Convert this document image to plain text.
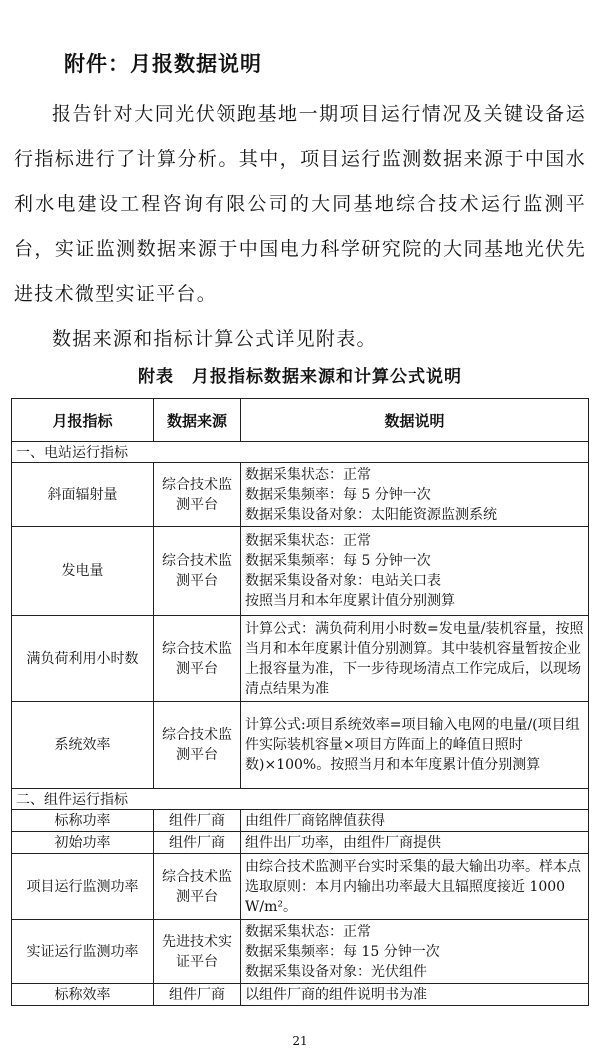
附件：月报数据说明

报告针对大同光伏领跑基地一期项目运行情况及关键设备运行指标进行了计算分析。其中，项目运行监测数据来源于中国水利水电建设工程咨询有限公司的大同基地综合技术运行监测平台，实证监测数据来源于中国电力科学研究院的大同基地光伏先进技术微型实证平台。

数据来源和指标计算公式详见附表。

附表　月报指标数据来源和计算公式说明

月报指标	数据来源	数据说明
一、电站运行指标		
斜面辐射量	综合技术监测平台	数据采集状态：正常
数据采集频率：每 5 分钟一次
数据采集设备对象：太阳能资源监测系统

发电量	综合技术监测平台	数据采集状态：正常
数据采集频率：每 5 分钟一次
数据采集设备对象：电站关口表
按照当月和本年度累计值分别测算

满负荷利用小时数	综合技术监测平台	计算公式：满负荷利用小时数=发电量/装机容量，按照当月和本年度累计值分别测算。其中装机容量暂按企业上报容量为准，下一步待现场清点工作完成后，以现场清点结果为准
系统效率	综合技术监测平台	计算公式:项目系统效率=项目输入电网的电量/(项目组件实际装机容量×项目方阵面上的峰值日照时数)×100%。按照当月和本年度累计值分别测算
二、组件运行指标		
标称功率	组件厂商	由组件厂商铭牌值获得
初始功率	组件厂商	组件出厂功率，由组件厂商提供
项目运行监测功率	综合技术监测平台	由综合技术监测平台实时采集的最大输出功率。样本点选取原则：本月内输出功率最大且辐照度接近 1000 W/m²。
实证运行监测功率	先进技术实证平台	数据采集状态：正常
数据采集频率：每 15 分钟一次
数据采集设备对象：光伏组件

标称效率	组件厂商	以组件厂商的组件说明书为准
21
